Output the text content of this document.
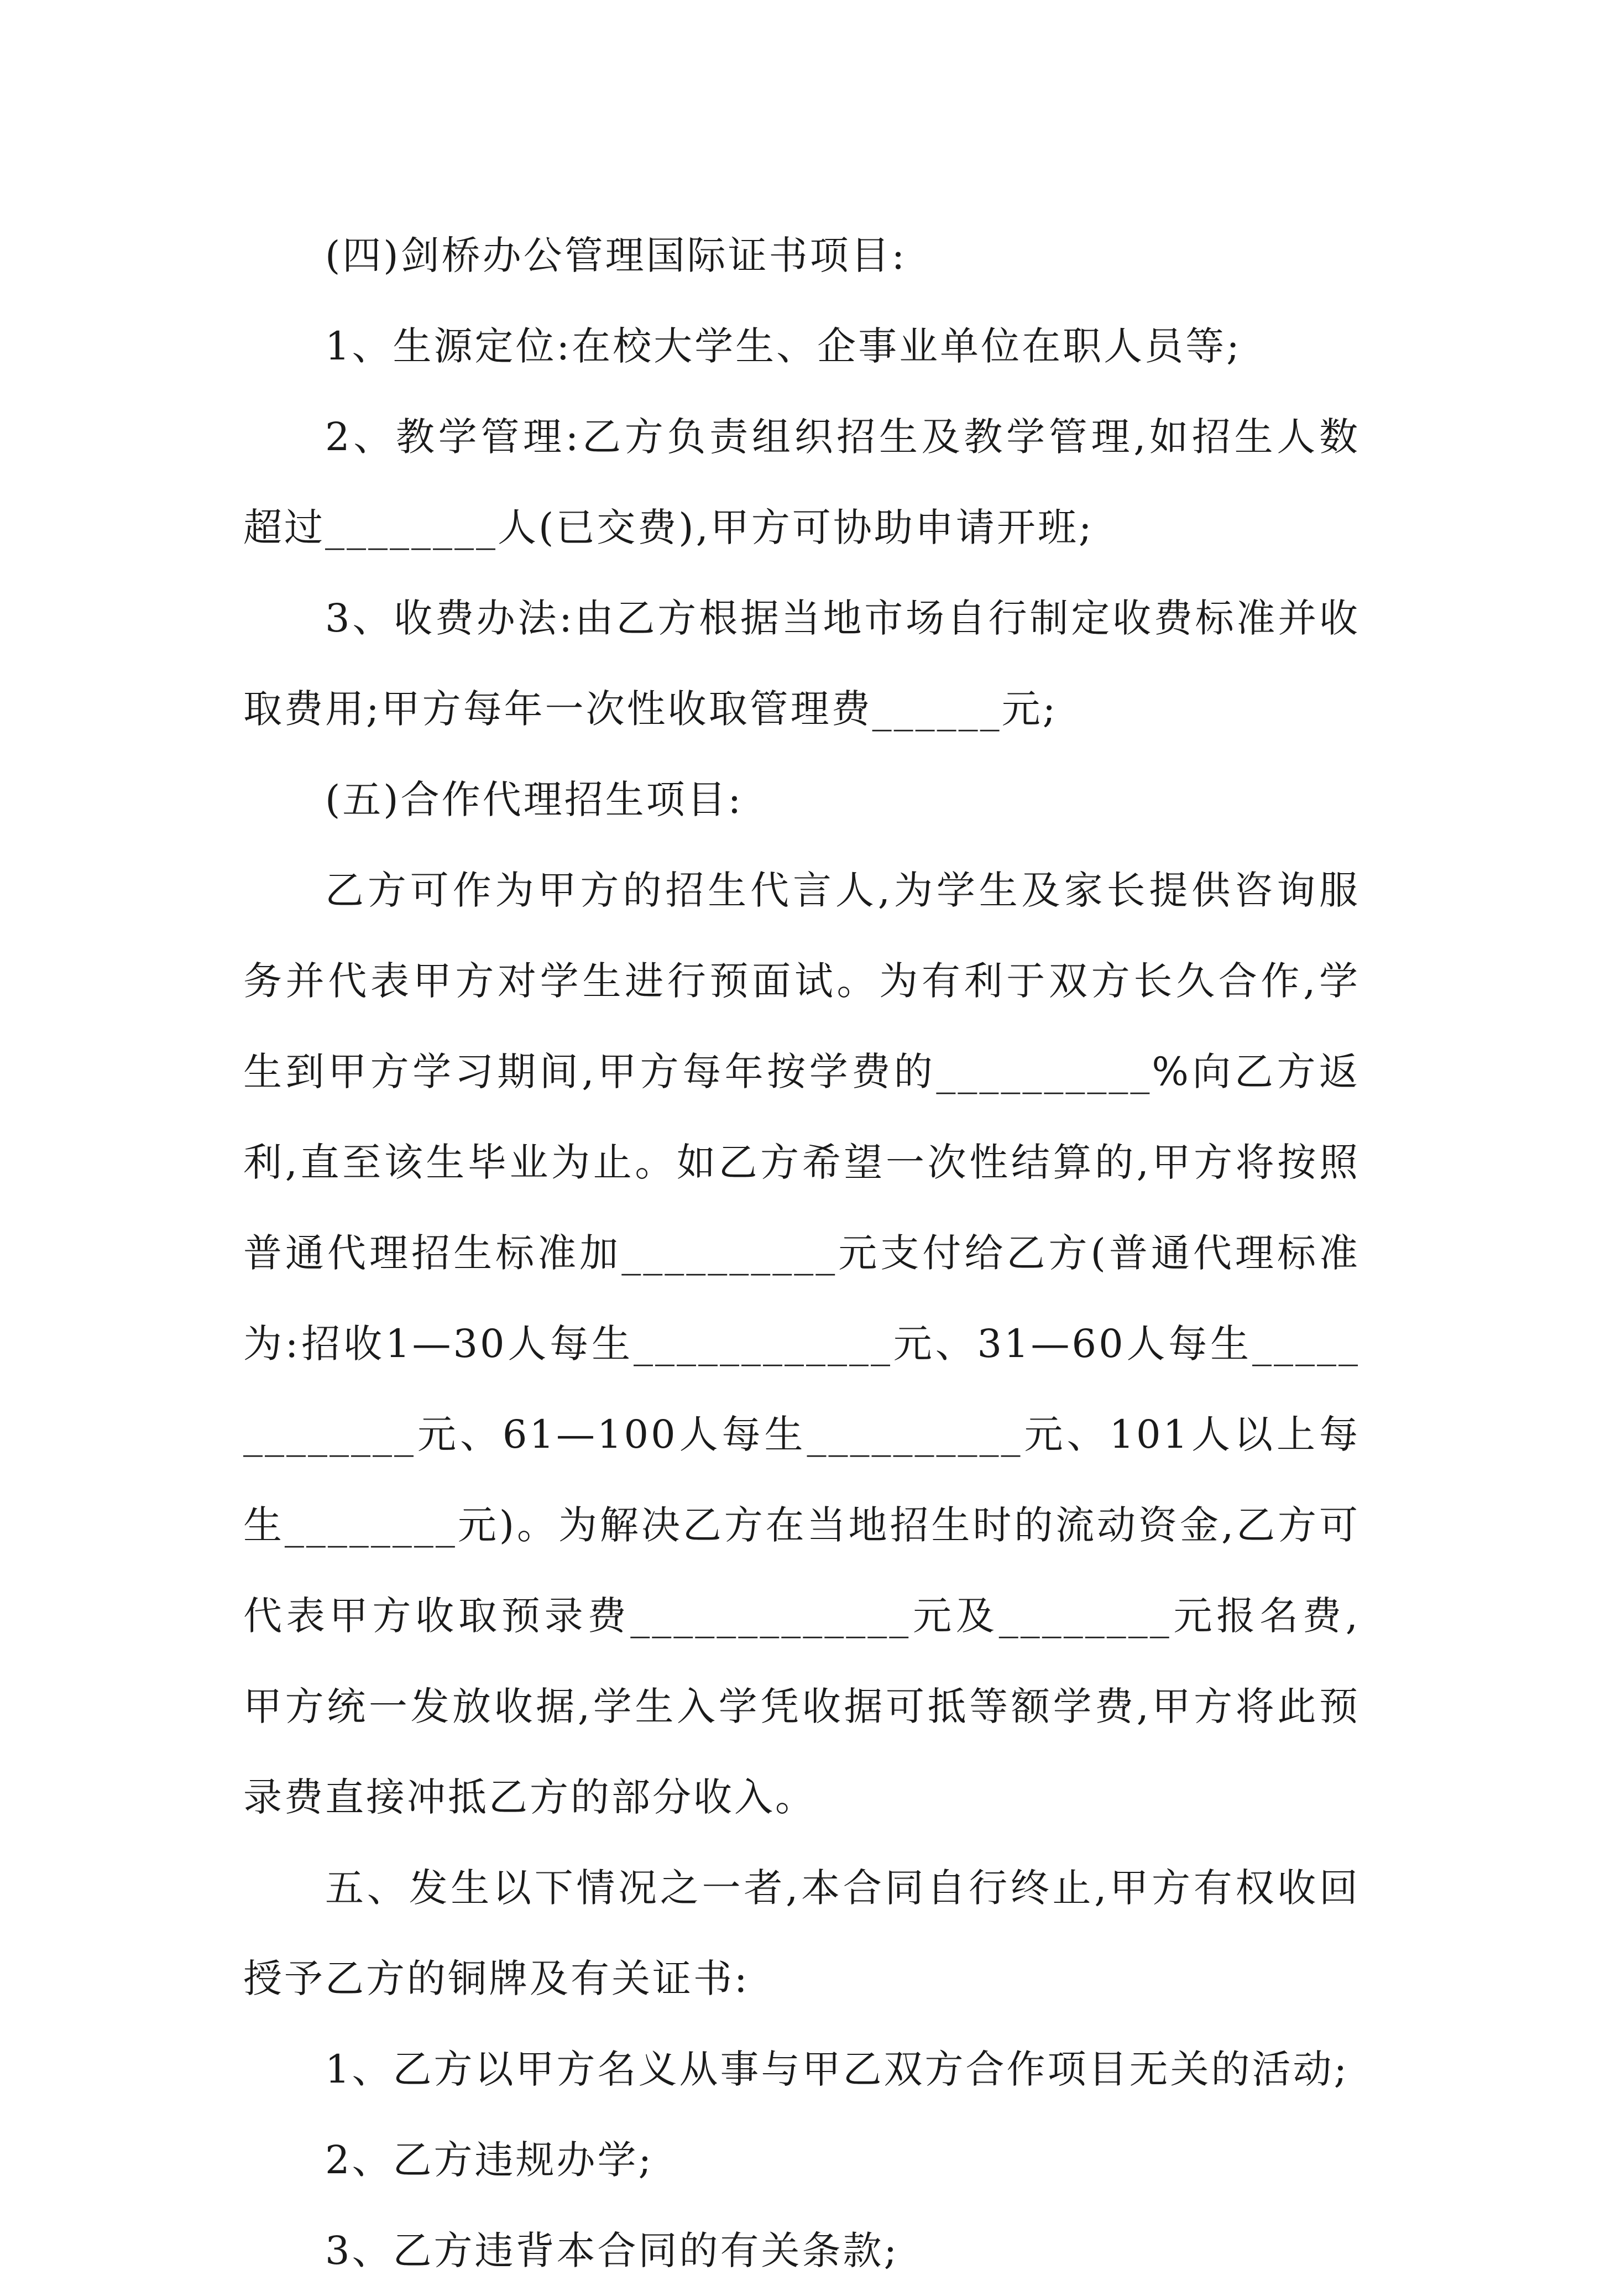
(四)剑桥办公管理国际证书项目:

1、生源定位:在校大学生、企事业单位在职人员等;

2、教学管理:乙方负责组织招生及教学管理,如招生人数超过________人(已交费),甲方可协助申请开班;

3、收费办法:由乙方根据当地市场自行制定收费标准并收取费用;甲方每年一次性收取管理费______元;

(五)合作代理招生项目:

乙方可作为甲方的招生代言人,为学生及家长提供咨询服务并代表甲方对学生进行预面试。为有利于双方长久合作,学生到甲方学习期间,甲方每年按学费的__________%向乙方返利,直至该生毕业为止。如乙方希望一次性结算的,甲方将按照普通代理招生标准加__________元支付给乙方(普通代理标准为:招收1—30人每生____________元、31—60人每生_____________元、61—100人每生__________元、101人以上每生________元)。为解决乙方在当地招生时的流动资金,乙方可代表甲方收取预录费_____________元及________元报名费,甲方统一发放收据,学生入学凭收据可抵等额学费,甲方将此预录费直接冲抵乙方的部分收入。

五、发生以下情况之一者,本合同自行终止,甲方有权收回授予乙方的铜牌及有关证书:

1、乙方以甲方名义从事与甲乙双方合作项目无关的活动;

2、乙方违规办学;

3、乙方违背本合同的有关条款;
